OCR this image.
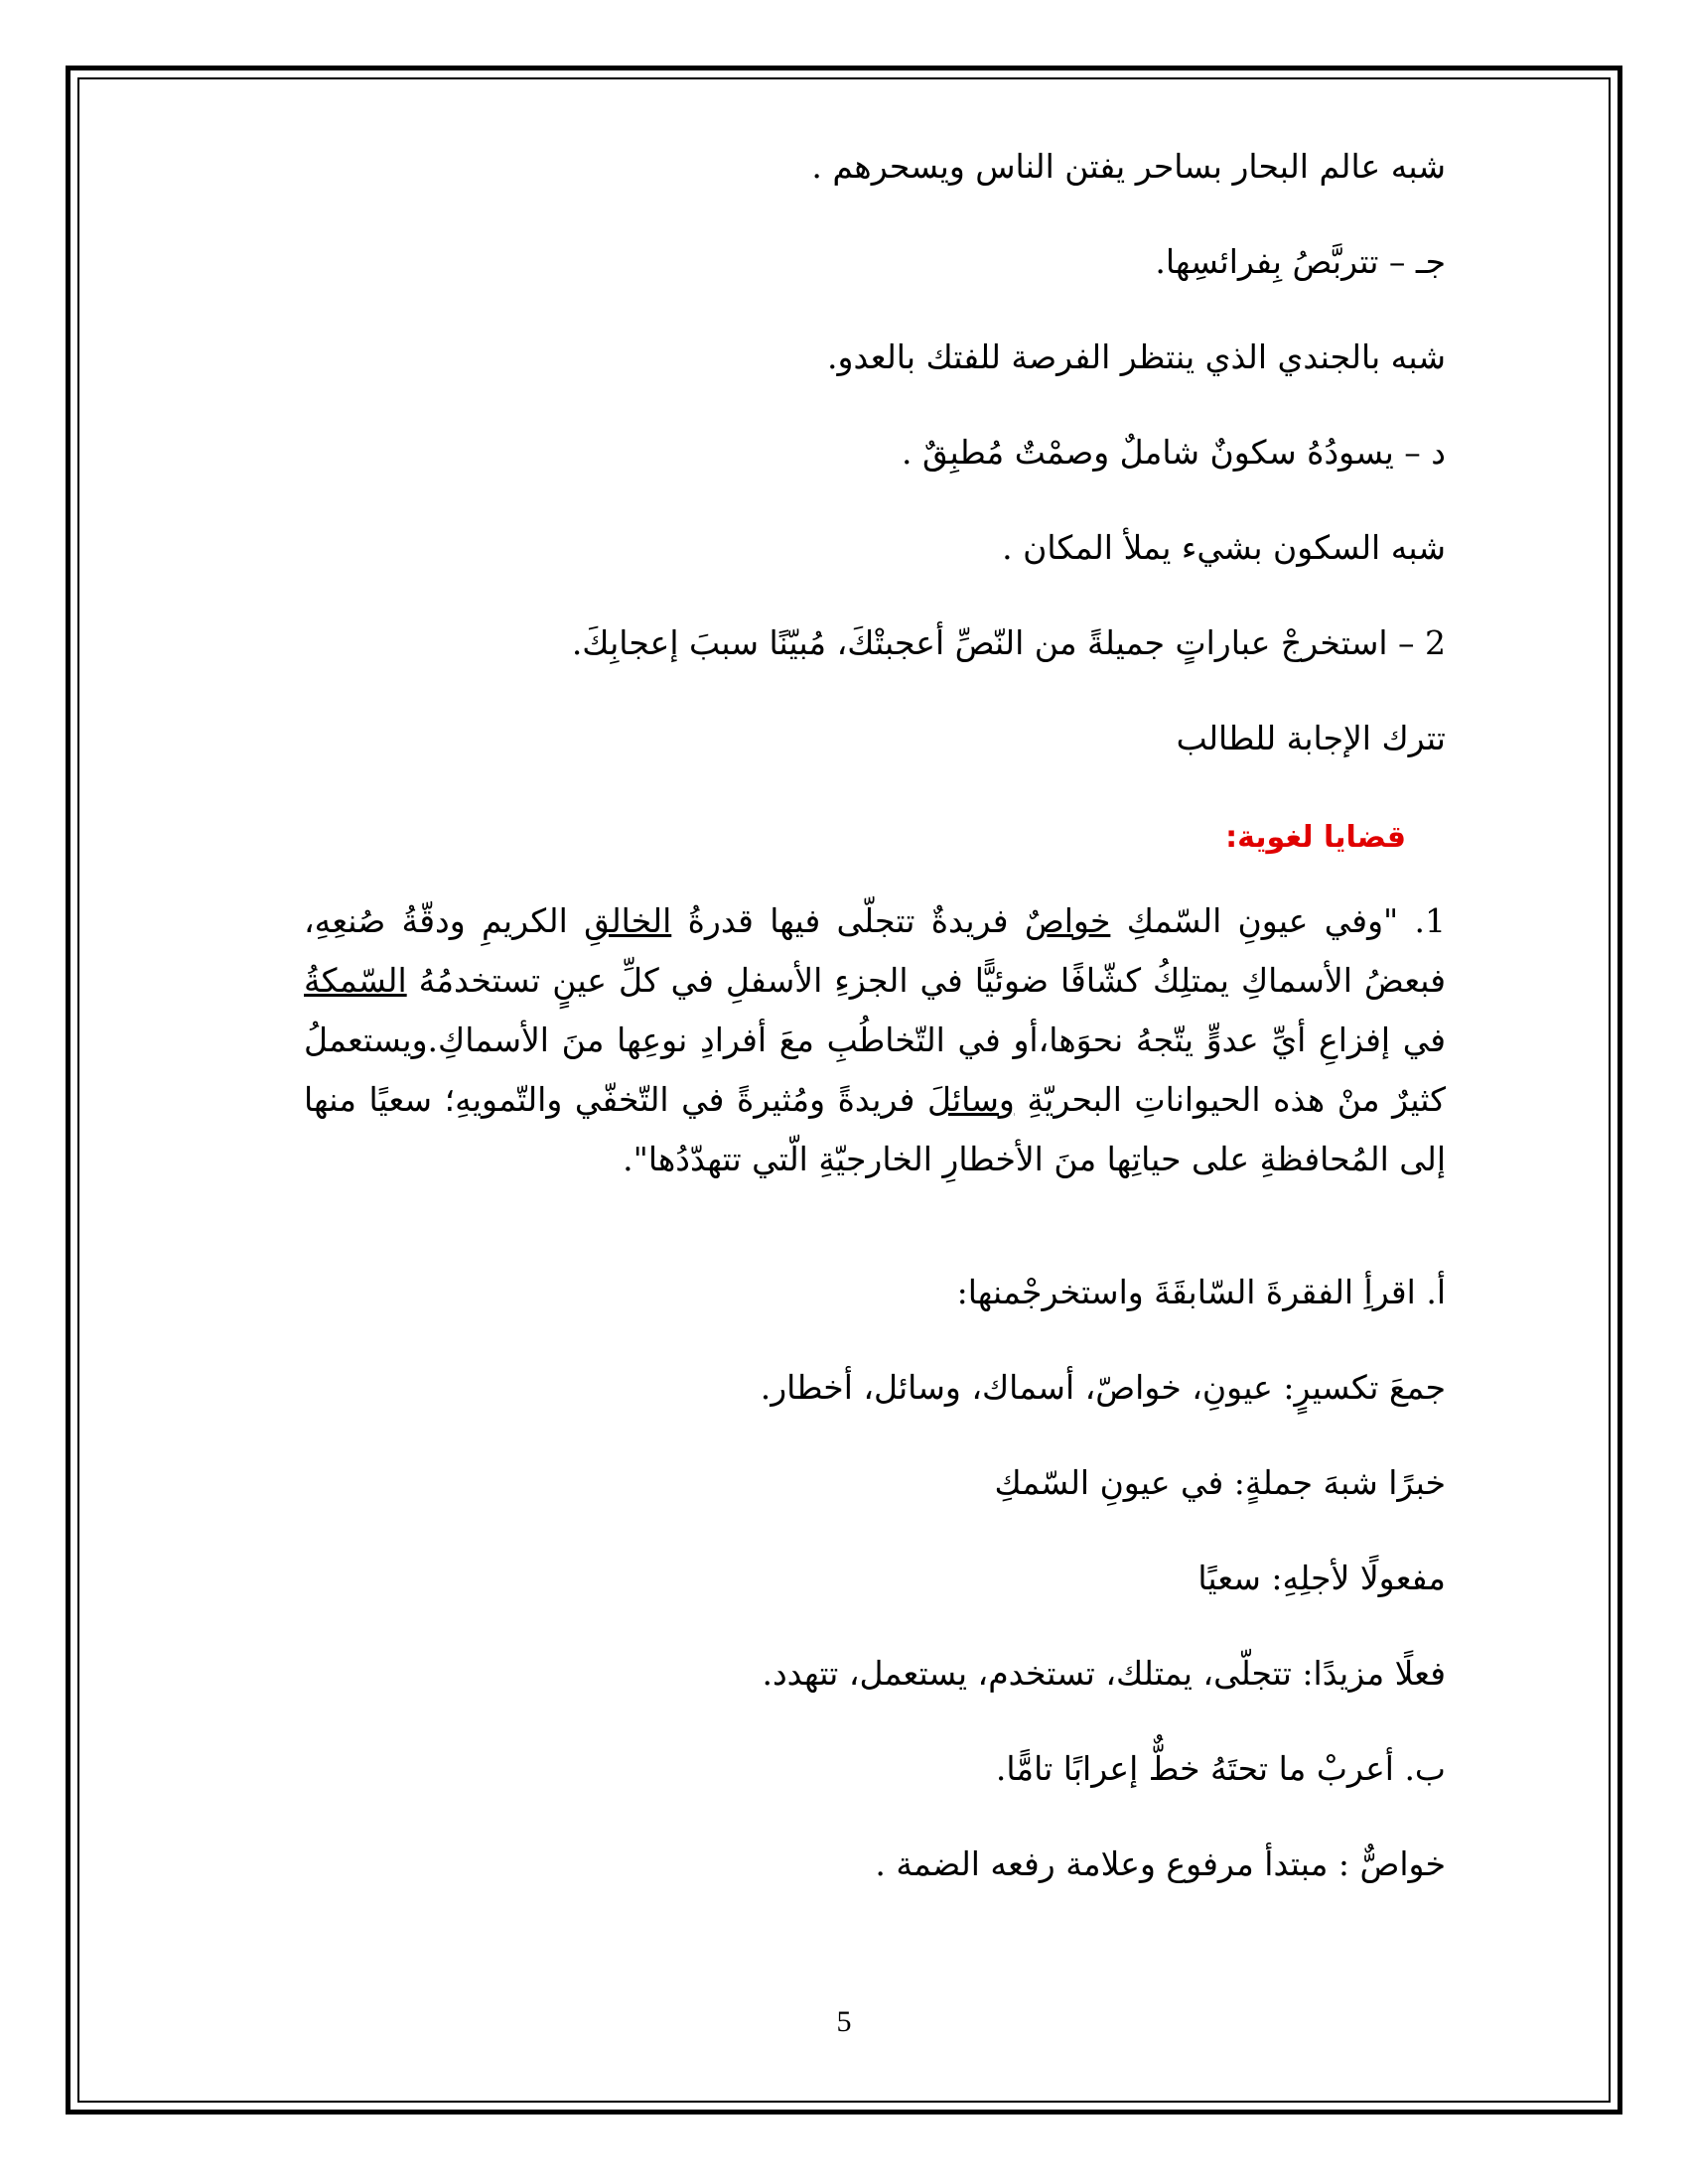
شبه عالم البحار بساحر يفتن الناس ويسحرهم .
جـ – تتربَّصُ بِفرائسِها.
شبه بالجندي الذي ينتظر الفرصة للفتك بالعدو.
د – يسودُهُ سكونٌ شاملٌ وصمْتٌ مُطبِقٌ .
شبه السكون بشيء يملأ المكان .
2 – استخرجْ عباراتٍ جميلةً من النّصِّ أعجبتْكَ، مُبيّنًا سببَ إعجابِكَ.
تترك الإجابة للطالب
قضايا لغوية:
1. "وفي عيونِ السّمكِ خواصٌ فريدةٌ تتجلّى فيها قدرةُ الخالقِ الكريمِ ودقّةُ صُنعِهِ، فبعضُ الأسماكِ يمتلِكُ كشّافًا ضوئيًّا في الجزءِ الأسفلِ في كلِّ عينٍ تستخدمُهُ السّمكةُ في إفزاعِ أيِّ عدوٍّ يتّجهُ نحوَها،أو في التّخاطُبِ معَ أفرادِ نوعِها منَ الأسماكِ.ويستعملُ كثيرٌ منْ هذه الحيواناتِ البحريّةِ وسائلَ فريدةً ومُثيرةً في التّخفّي والتّمويهِ؛ سعيًا منها إلى المُحافظةِ على حياتِها منَ الأخطارِ الخارجيّةِ الّتي تتهدّدُها".
أ. اقرأِ الفقرةَ السّابقَةَ واستخرجْمنها:
جمعَ تكسيرٍ: عيونِ، خواصّ، أسماك، وسائل، أخطار.
خبرًا شبهَ جملةٍ: في عيونِ السّمكِ
مفعولًا لأجلِهِ: سعيًا
فعلًا مزيدًا: تتجلّى، يمتلك، تستخدم، يستعمل، تتهدد.
ب. أعربْ ما تحتَهُ خطٌّ إعرابًا تامًّا.
خواصٌّ : مبتدأ مرفوع وعلامة رفعه الضمة .
5
